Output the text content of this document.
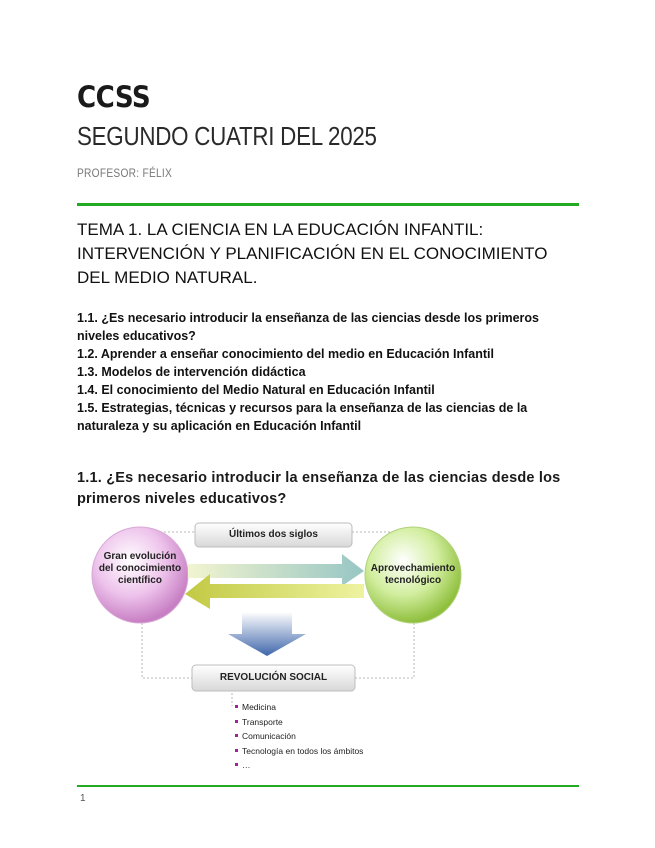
CCSS
SEGUNDO CUATRI DEL 2025
PROFESOR: FÉLIX
TEMA 1. LA CIENCIA EN LA EDUCACIÓN INFANTIL: INTERVENCIÓN Y PLANIFICACIÓN EN EL CONOCIMIENTO DEL MEDIO NATURAL.
1.1. ¿Es necesario introducir la enseñanza de las ciencias desde los primeros niveles educativos?
1.2. Aprender a enseñar conocimiento del medio en Educación Infantil
1.3. Modelos de intervención didáctica
1.4. El conocimiento del Medio Natural en Educación Infantil
1.5. Estrategias, técnicas y recursos para la enseñanza de las ciencias de la naturaleza y su aplicación en Educación Infantil
1.1. ¿Es necesario introducir la enseñanza de las ciencias desde los primeros niveles educativos?
Últimos dos siglos
Gran evolución del conocimiento científico
Aprovechamiento tecnológico
REVOLUCIÓN SOCIAL
Medicina
Transporte
Comunicación
Tecnología en todos los ámbitos
…
1
